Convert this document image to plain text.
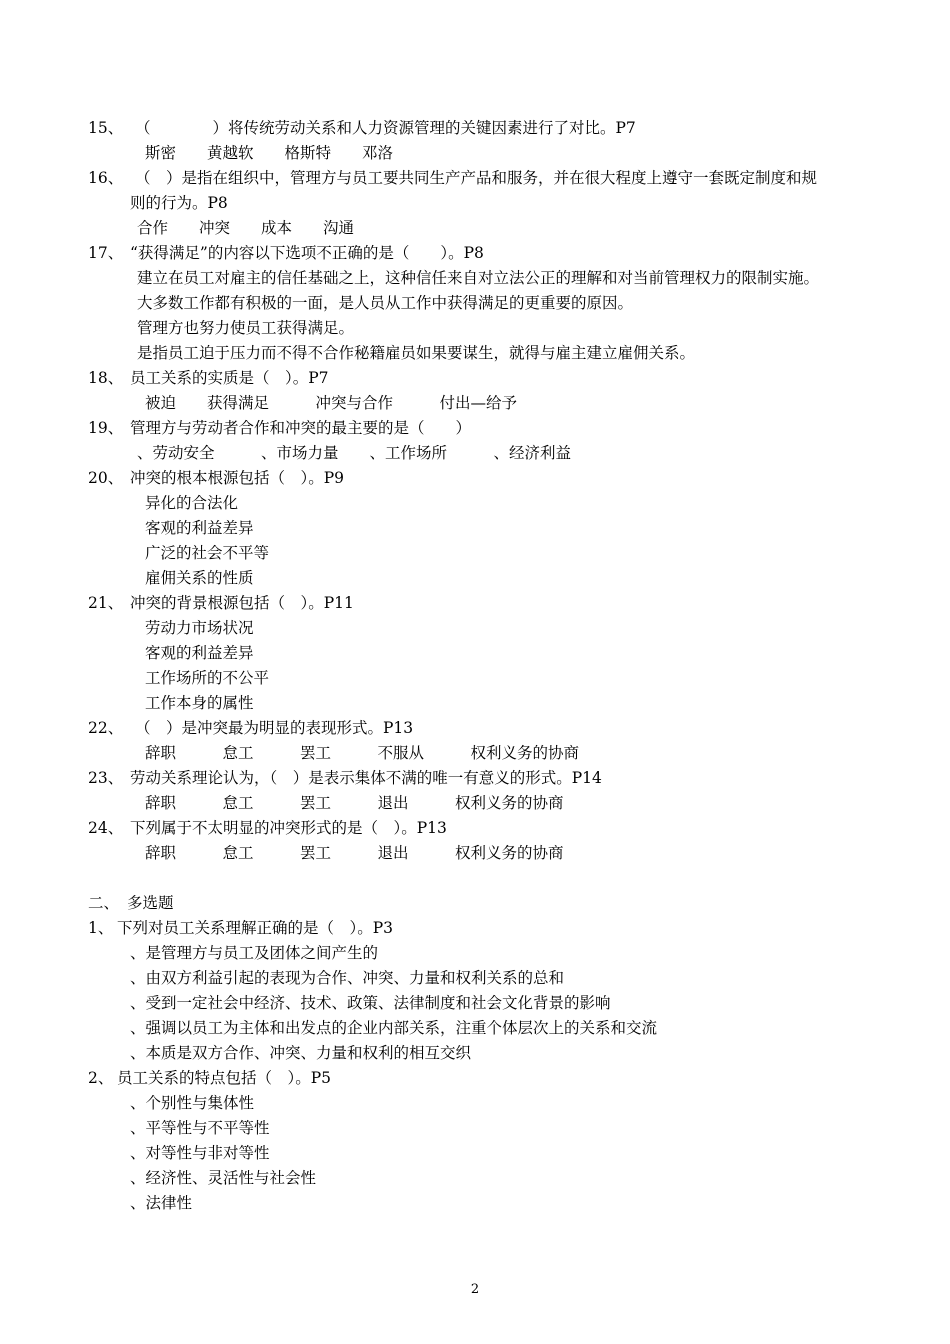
15、 （　　　　）将传统劳动关系和人力资源管理的关键因素进行了对比。P7
斯密　　黄越软　　格斯特　　邓洛
16、 （　）是指在组织中，管理方与员工要共同生产产品和服务，并在很大程度上遵守一套既定制度和规
则的行为。P8
合作　　冲突　　成本　　沟通
17、 “获得满足”的内容以下选项不正确的是（　　）。P8
建立在员工对雇主的信任基础之上，这种信任来自对立法公正的理解和对当前管理权力的限制实施。
大多数工作都有积极的一面，是人员从工作中获得满足的更重要的原因。
管理方也努力使员工获得满足。
是指员工迫于压力而不得不合作秘籍雇员如果要谋生，就得与雇主建立雇佣关系。
18、 员工关系的实质是（　）。P7
被迫　　获得满足　　　冲突与合作　　　付出—给予
19、 管理方与劳动者合作和冲突的最主要的是（　　）
、劳动安全　　　、市场力量　　、工作场所　　　、经济利益
20、 冲突的根本根源包括（　）。P9
异化的合法化
客观的利益差异
广泛的社会不平等
雇佣关系的性质
21、 冲突的背景根源包括（　）。P11
劳动力市场状况
客观的利益差异
工作场所的不公平
工作本身的属性
22、 （　）是冲突最为明显的表现形式。P13
辞职　　　怠工　　　罢工　　　不服从　　　权利义务的协商
23、 劳动关系理论认为，（　）是表示集体不满的唯一有意义的形式。P14
辞职　　　怠工　　　罢工　　　退出　　　权利义务的协商
24、 下列属于不太明显的冲突形式的是（　）。P13
辞职　　　怠工　　　罢工　　　退出　　　权利义务的协商
二、 多选题
1、 下列对员工关系理解正确的是（　）。P3
、是管理方与员工及团体之间产生的
、由双方利益引起的表现为合作、冲突、力量和权利关系的总和
、受到一定社会中经济、技术、政策、法律制度和社会文化背景的影响
、强调以员工为主体和出发点的企业内部关系，注重个体层次上的关系和交流
、本质是双方合作、冲突、力量和权利的相互交织
2、 员工关系的特点包括（　）。P5
、个别性与集体性
、平等性与不平等性
、对等性与非对等性
、经济性、灵活性与社会性
、法律性
2
